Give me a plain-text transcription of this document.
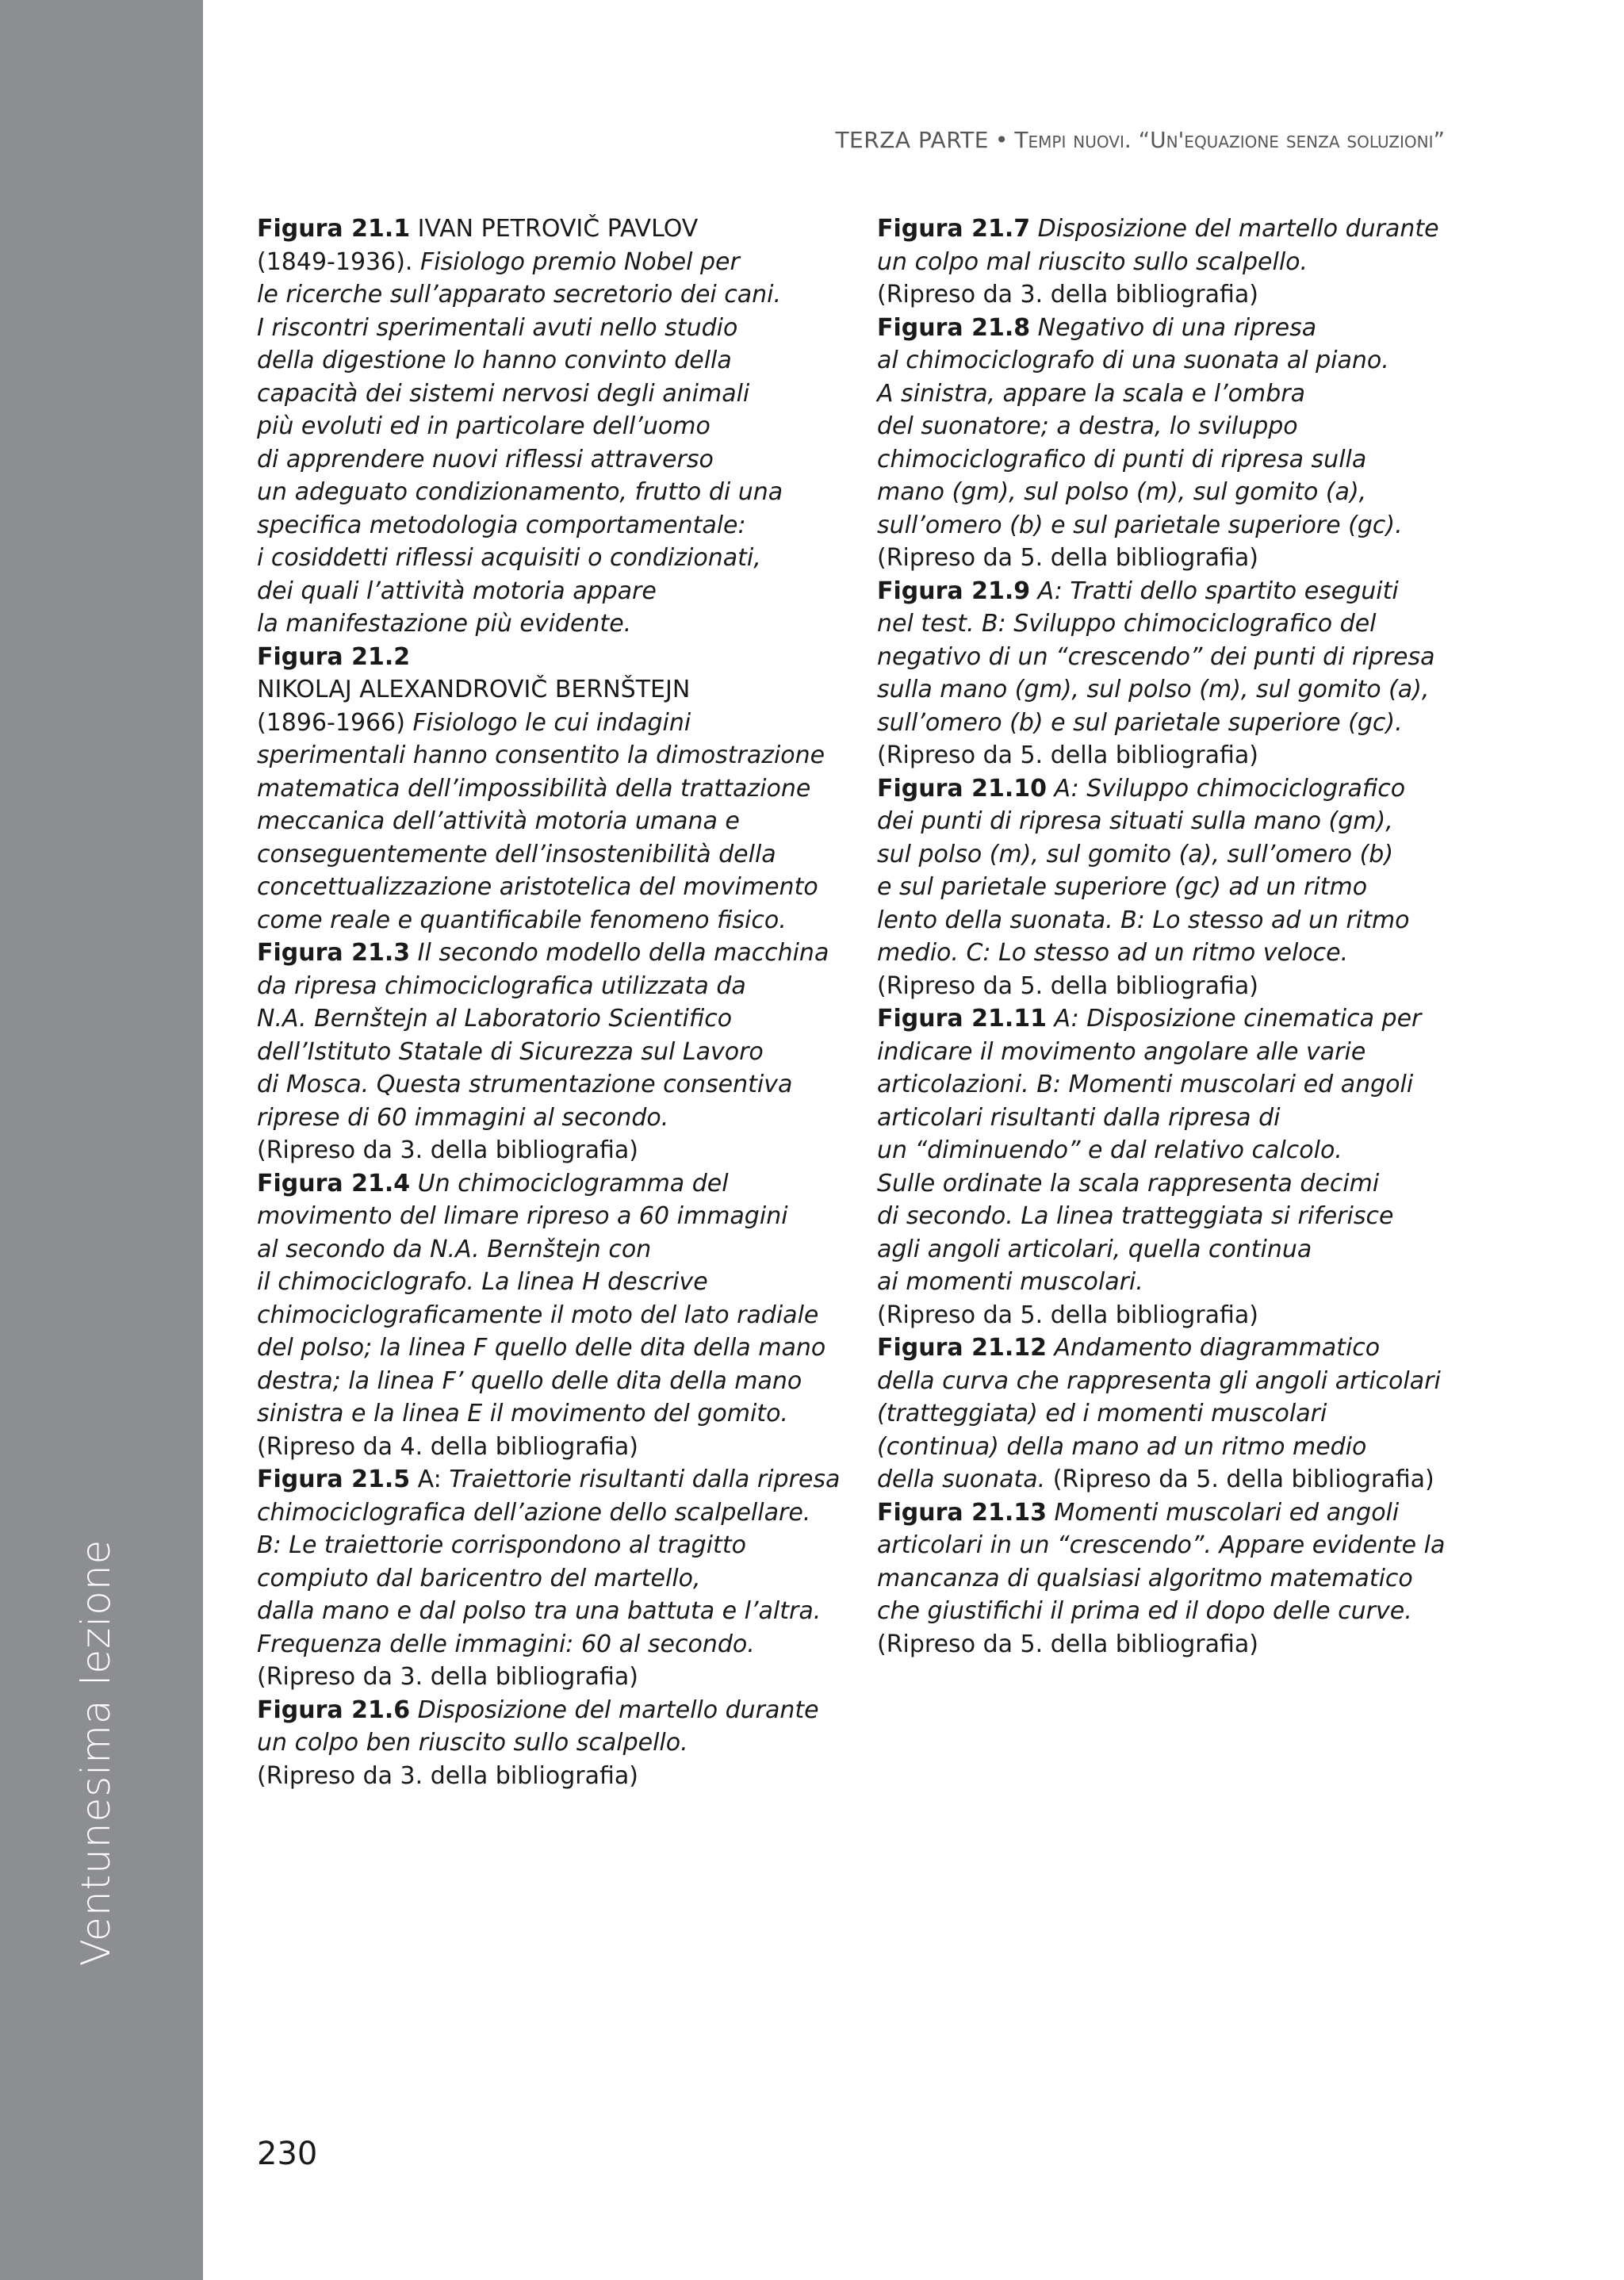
Ventunesima lezione
TERZA PARTE • Tempi nuovi. “Un'equazione senza soluzioni”
Figura 21.1 IVAN PETROVIČ PAVLOV
(1849-1936). Fisiologo premio Nobel per
le ricerche sull’apparato secretorio dei cani.
I riscontri sperimentali avuti nello studio
della digestione lo hanno convinto della
capacità dei sistemi nervosi degli animali
più evoluti ed in particolare dell’uomo
di apprendere nuovi riflessi attraverso
un adeguato condizionamento, frutto di una
specifica metodologia comportamentale:
i cosiddetti riflessi acquisiti o condizionati,
dei quali l’attività motoria appare
la manifestazione più evidente.
Figura 21.2
NIKOLAJ ALEXANDROVIČ BERNŠTEJN
(1896-1966) Fisiologo le cui indagini
sperimentali hanno consentito la dimostrazione
matematica dell’impossibilità della trattazione
meccanica dell’attività motoria umana e
conseguentemente dell’insostenibilità della
concettualizzazione aristotelica del movimento
come reale e quantificabile fenomeno fisico.
Figura 21.3 Il secondo modello della macchina
da ripresa chimociclografica utilizzata da
N.A. Bernštejn al Laboratorio Scientifico
dell’Istituto Statale di Sicurezza sul Lavoro
di Mosca. Questa strumentazione consentiva
riprese di 60 immagini al secondo.
(Ripreso da 3. della bibliografia)
Figura 21.4 Un chimociclogramma del
movimento del limare ripreso a 60 immagini
al secondo da N.A. Bernštejn con
il chimociclografo. La linea H descrive
chimociclograficamente il moto del lato radiale
del polso; la linea F quello delle dita della mano
destra; la linea F’ quello delle dita della mano
sinistra e la linea E il movimento del gomito.
(Ripreso da 4. della bibliografia)
Figura 21.5 A: Traiettorie risultanti dalla ripresa
chimociclografica dell’azione dello scalpellare.
B: Le traiettorie corrispondono al tragitto
compiuto dal baricentro del martello,
dalla mano e dal polso tra una battuta e l’altra.
Frequenza delle immagini: 60 al secondo.
(Ripreso da 3. della bibliografia)
Figura 21.6 Disposizione del martello durante
un colpo ben riuscito sullo scalpello.
(Ripreso da 3. della bibliografia)
Figura 21.7 Disposizione del martello durante
un colpo mal riuscito sullo scalpello.
(Ripreso da 3. della bibliografia)
Figura 21.8 Negativo di una ripresa
al chimociclografo di una suonata al piano.
A sinistra, appare la scala e l’ombra
del suonatore; a destra, lo sviluppo
chimociclografico di punti di ripresa sulla
mano (gm), sul polso (m), sul gomito (a),
sull’omero (b) e sul parietale superiore (gc).
(Ripreso da 5. della bibliografia)
Figura 21.9 A: Tratti dello spartito eseguiti
nel test. B: Sviluppo chimociclografico del
negativo di un “crescendo” dei punti di ripresa
sulla mano (gm), sul polso (m), sul gomito (a),
sull’omero (b) e sul parietale superiore (gc).
(Ripreso da 5. della bibliografia)
Figura 21.10 A: Sviluppo chimociclografico
dei punti di ripresa situati sulla mano (gm),
sul polso (m), sul gomito (a), sull’omero (b)
e sul parietale superiore (gc) ad un ritmo
lento della suonata. B: Lo stesso ad un ritmo
medio. C: Lo stesso ad un ritmo veloce.
(Ripreso da 5. della bibliografia)
Figura 21.11 A: Disposizione cinematica per
indicare il movimento angolare alle varie
articolazioni. B: Momenti muscolari ed angoli
articolari risultanti dalla ripresa di
un “diminuendo” e dal relativo calcolo.
Sulle ordinate la scala rappresenta decimi
di secondo. La linea tratteggiata si riferisce
agli angoli articolari, quella continua
ai momenti muscolari.
(Ripreso da 5. della bibliografia)
Figura 21.12 Andamento diagrammatico
della curva che rappresenta gli angoli articolari
(tratteggiata) ed i momenti muscolari
(continua) della mano ad un ritmo medio
della suonata. (Ripreso da 5. della bibliografia)
Figura 21.13 Momenti muscolari ed angoli
articolari in un “crescendo”. Appare evidente la
mancanza di qualsiasi algoritmo matematico
che giustifichi il prima ed il dopo delle curve.
(Ripreso da 5. della bibliografia)
230
